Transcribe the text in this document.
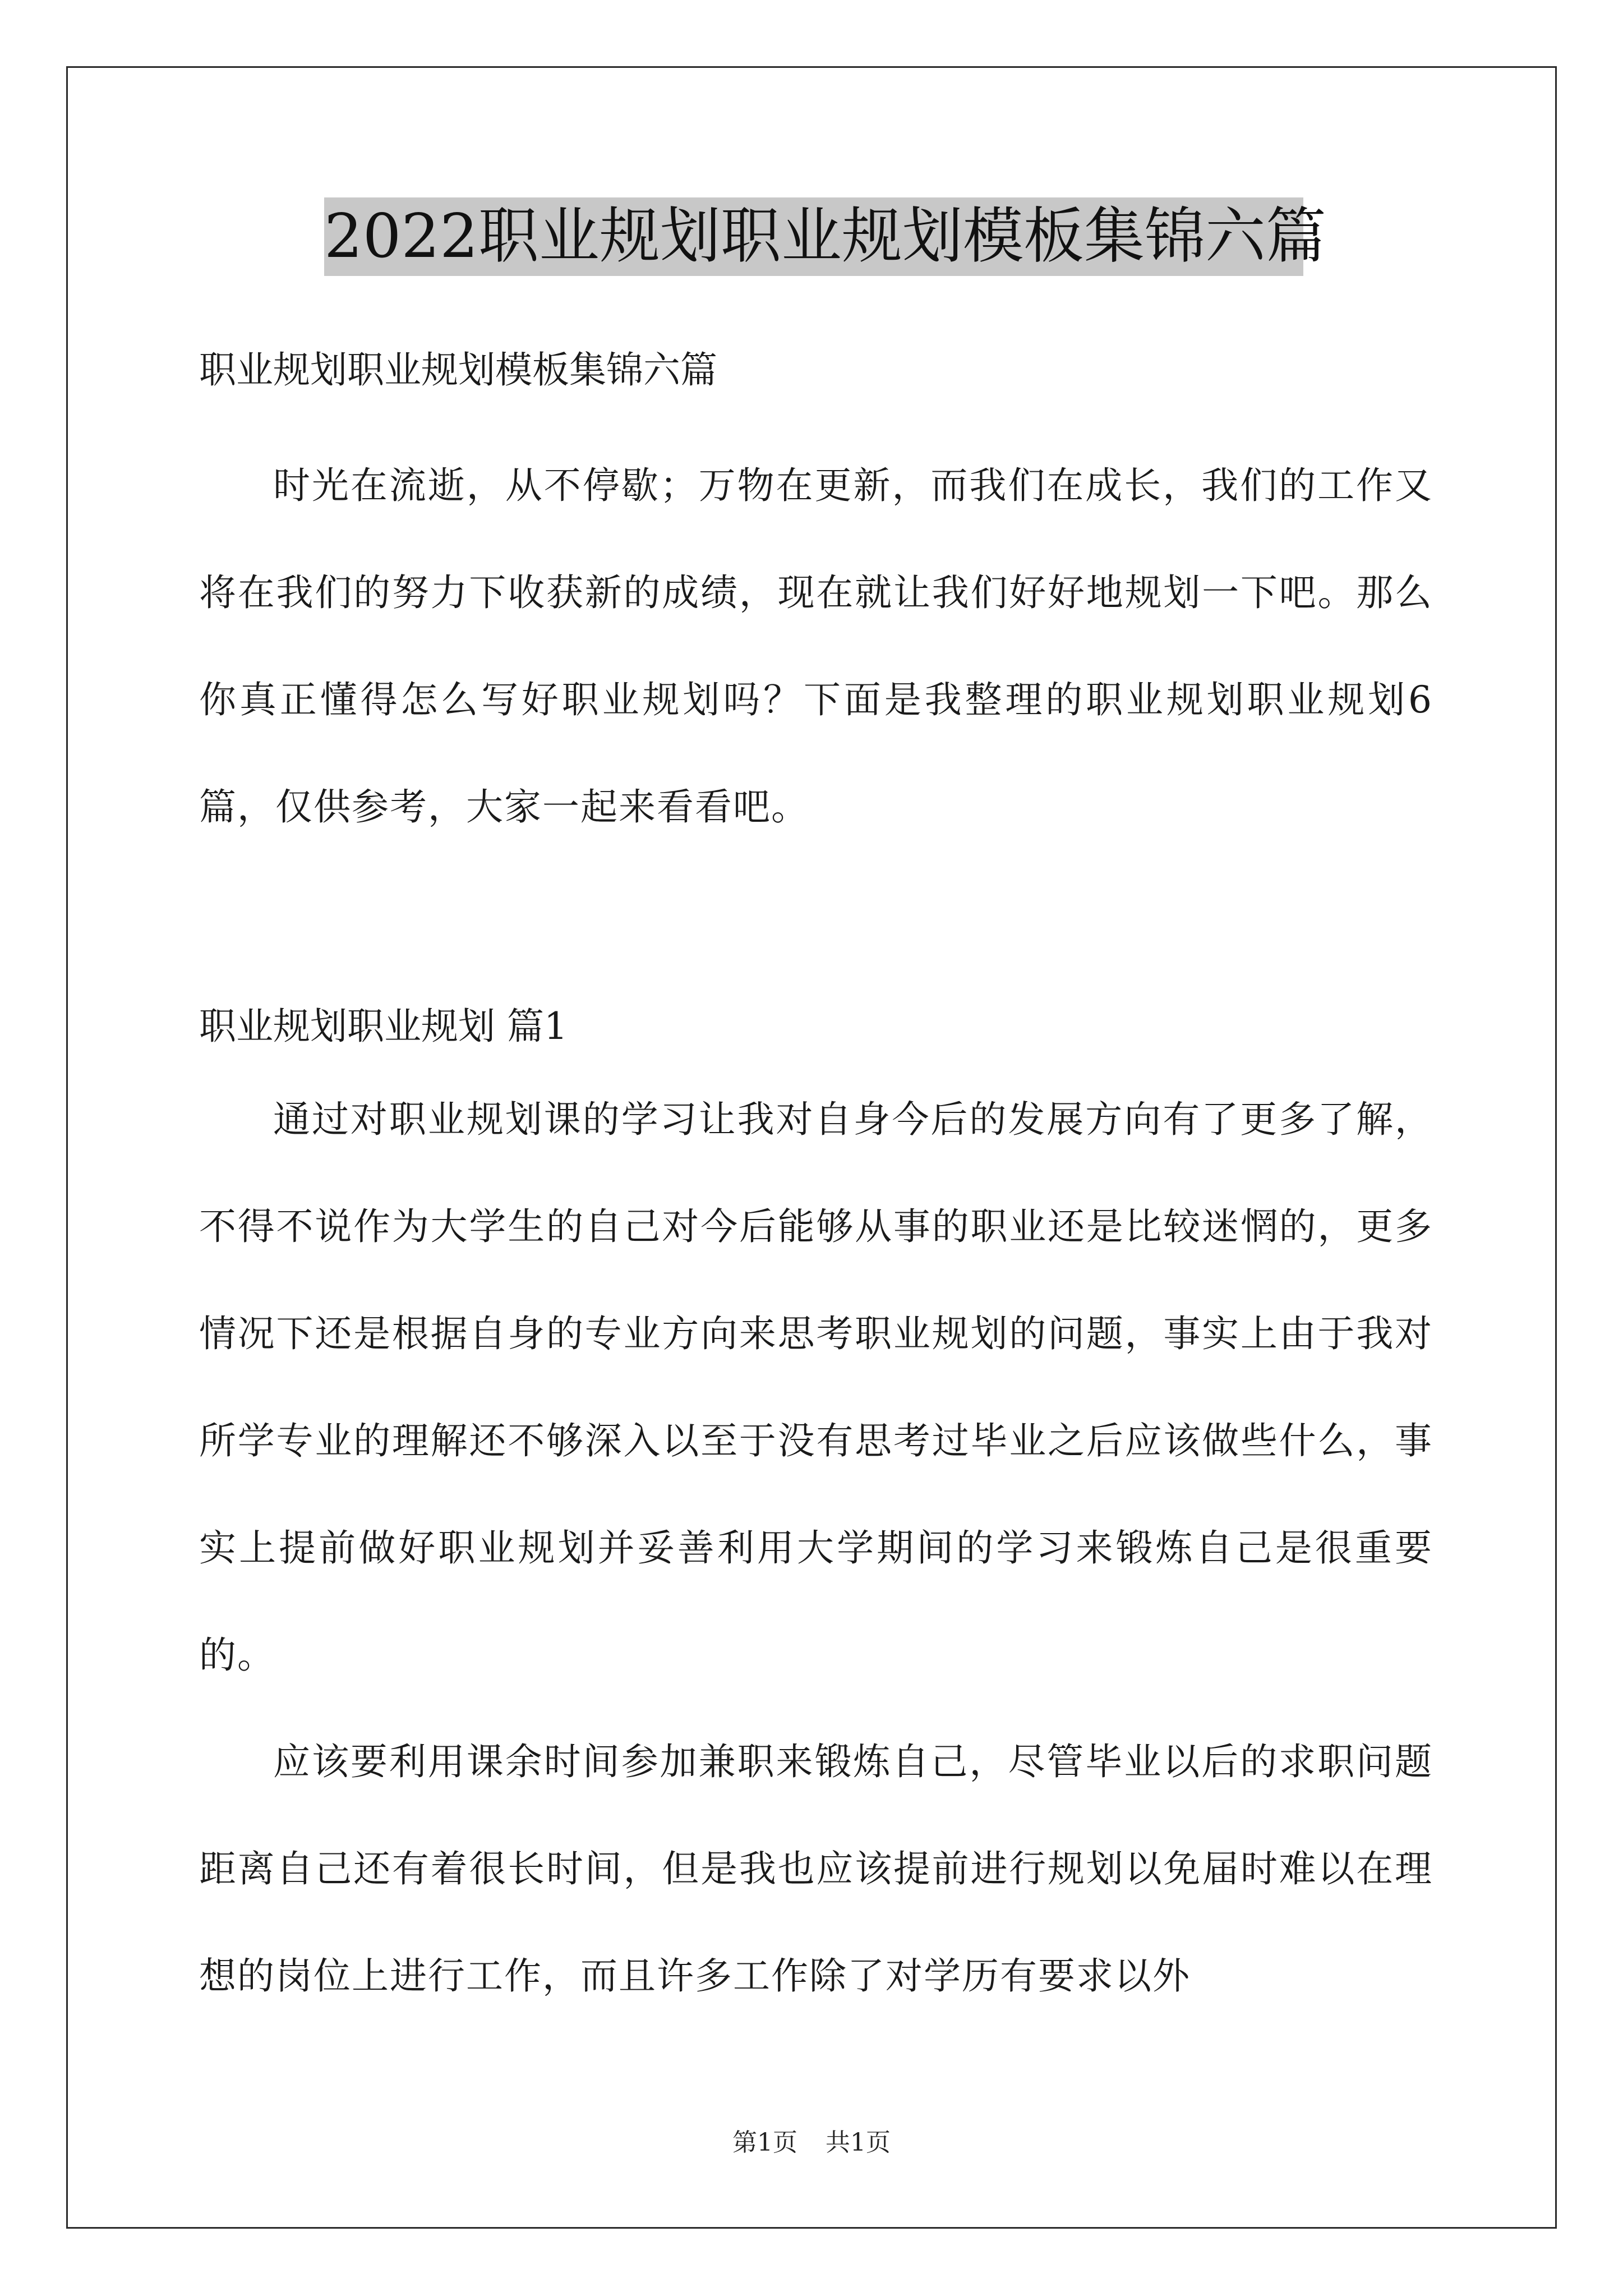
2022职业规划职业规划模板集锦六篇
职业规划职业规划模板集锦六篇
时光在流逝，从不停歇；万物在更新，而我们在成长，我们的工作又将在我们的努力下收获新的成绩，现在就让我们好好地规划一下吧。那么你真正懂得怎么写好职业规划吗？下面是我整理的职业规划职业规划6篇，仅供参考，大家一起来看看吧。
职业规划职业规划 篇1
通过对职业规划课的学习让我对自身今后的发展方向有了更多了解，不得不说作为大学生的自己对今后能够从事的职业还是比较迷惘的，更多情况下还是根据自身的专业方向来思考职业规划的问题，事实上由于我对所学专业的理解还不够深入以至于没有思考过毕业之后应该做些什么，事实上提前做好职业规划并妥善利用大学期间的学习来锻炼自己是很重要的。
应该要利用课余时间参加兼职来锻炼自己，尽管毕业以后的求职问题距离自己还有着很长时间，但是我也应该提前进行规划以免届时难以在理想的岗位上进行工作，而且许多工作除了对学历有要求以外
第1页 共1页
